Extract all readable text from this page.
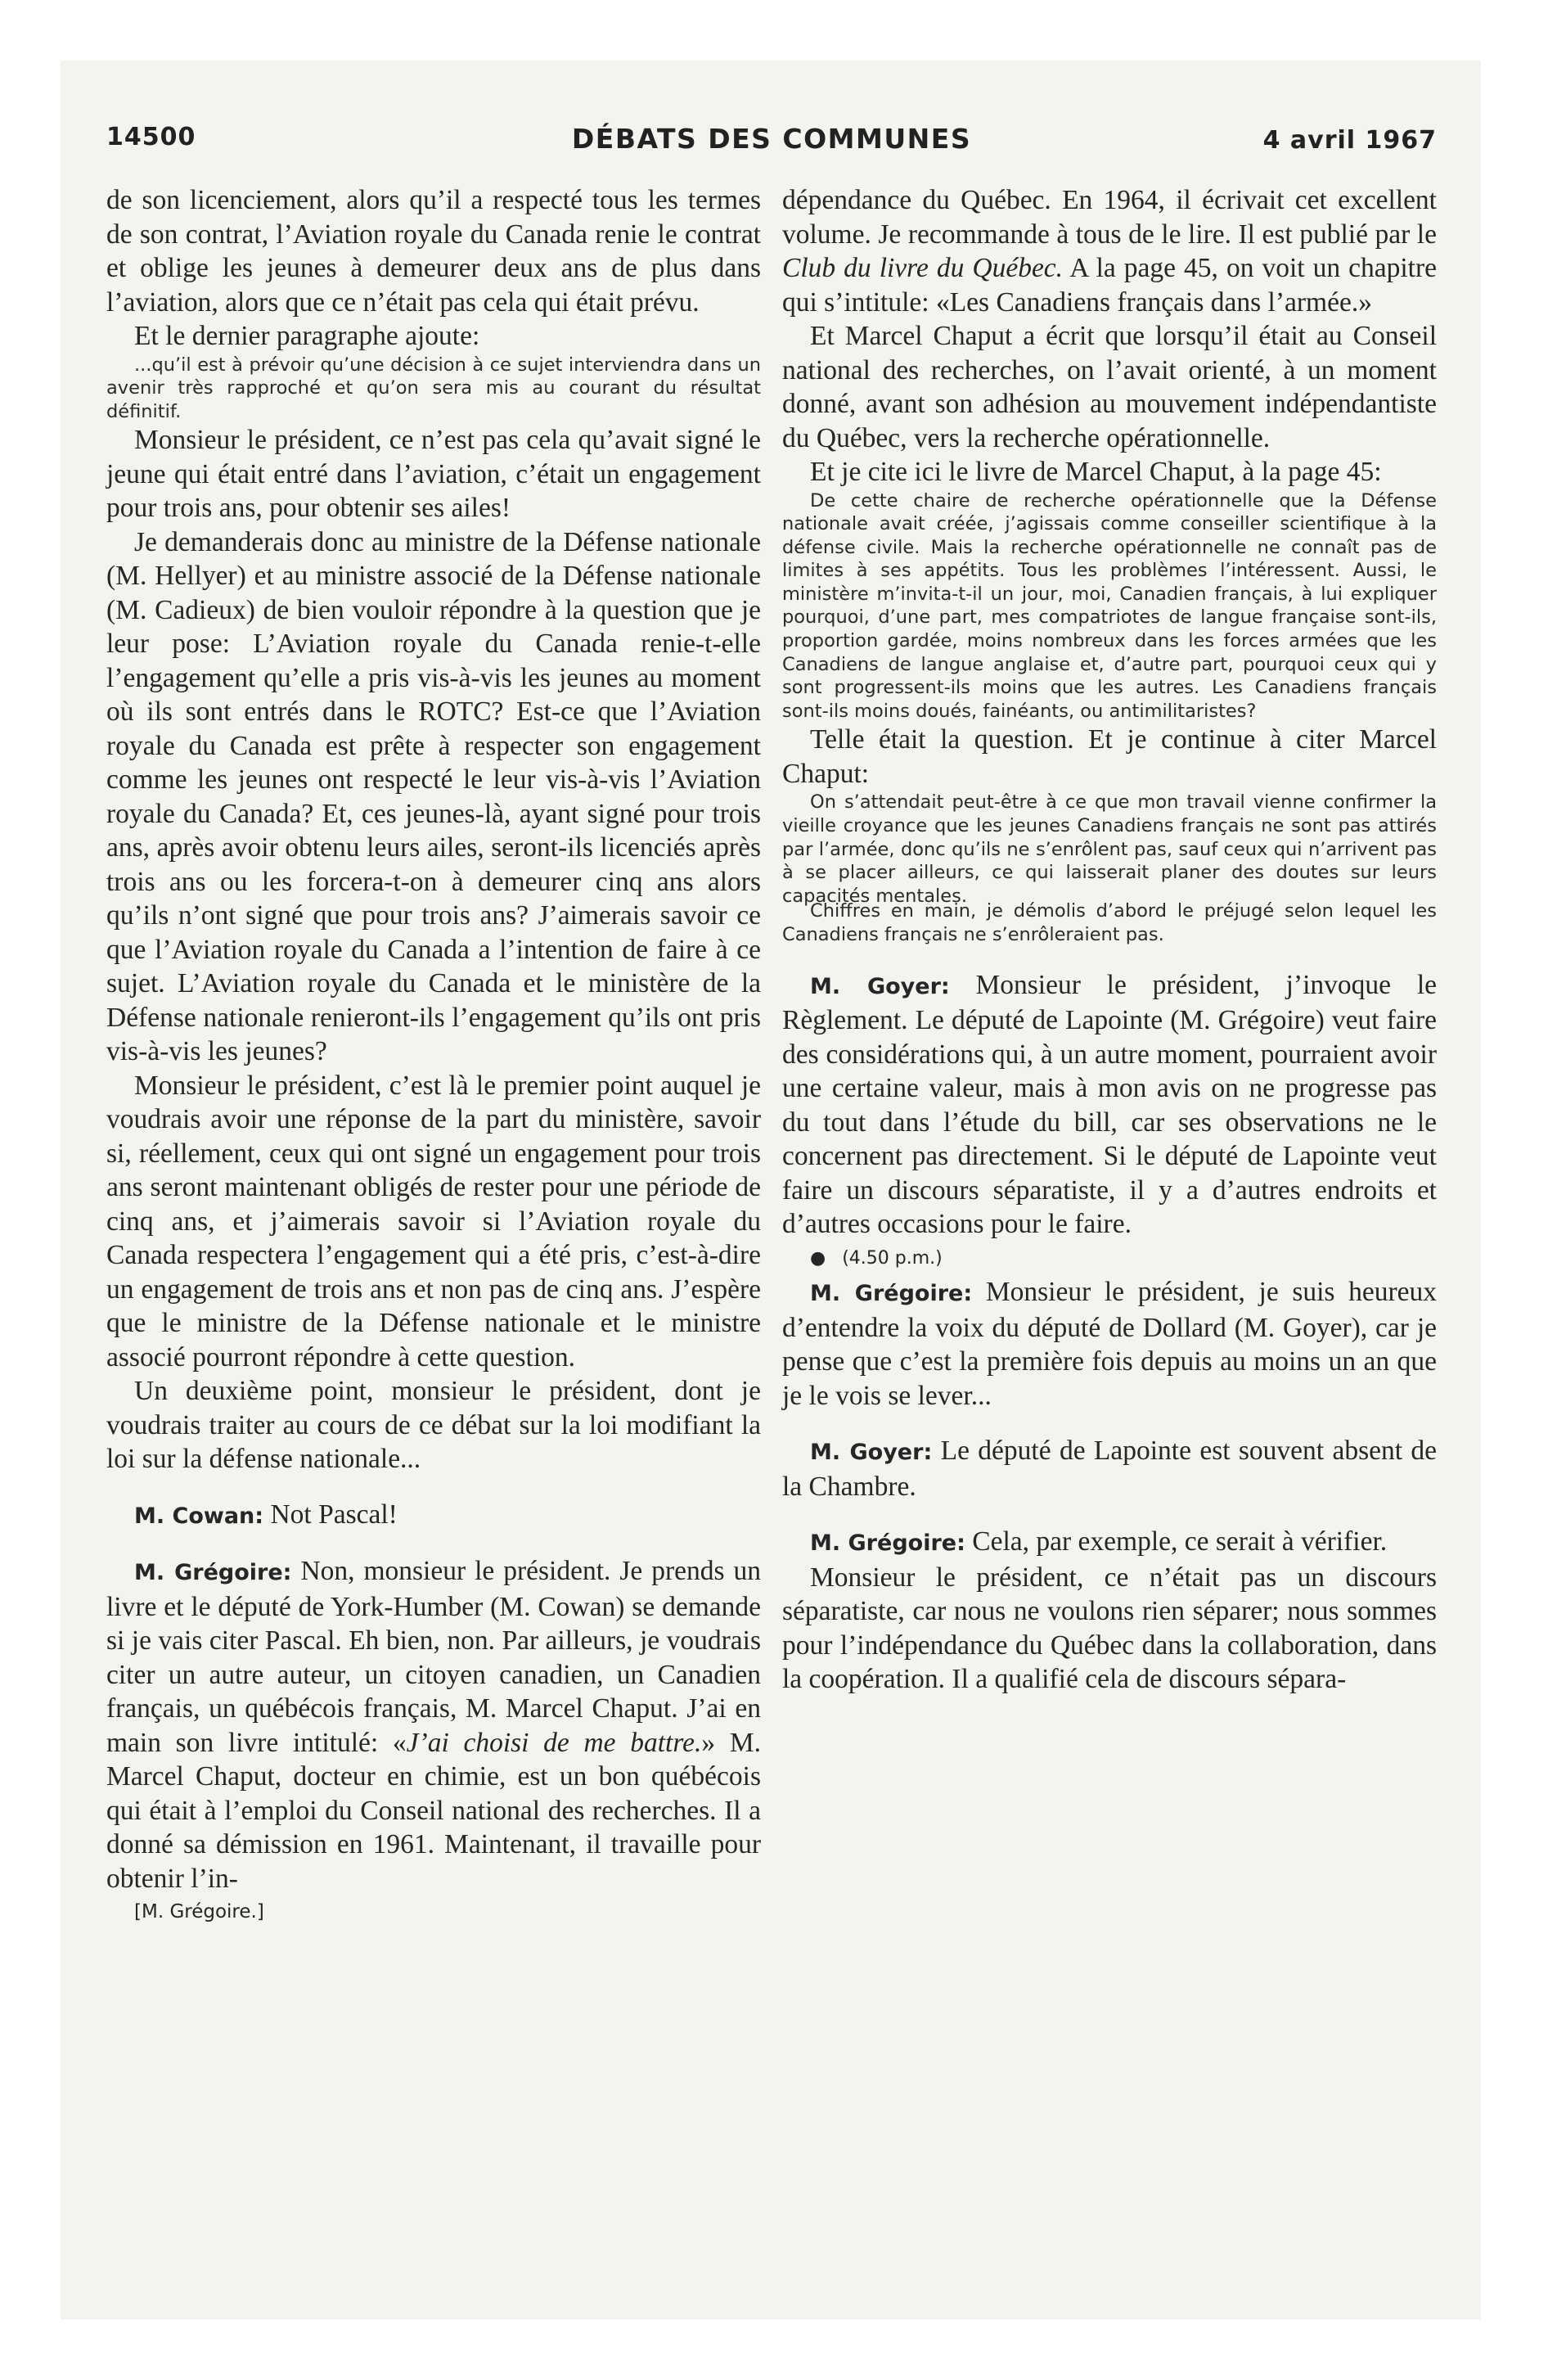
14500	DÉBATS DES COMMUNES	4 avril 1967

de son licenciement, alors qu’il a respecté tous les termes de son contrat, l’Aviation royale du Canada renie le contrat et oblige les jeunes à demeurer deux ans de plus dans l’aviation, alors que ce n’était pas cela qui était prévu.

Et le dernier paragraphe ajoute:

...qu’il est à prévoir qu’une décision à ce sujet interviendra dans un avenir très rapproché et qu’on sera mis au courant du résultat définitif.

Monsieur le président, ce n’est pas cela qu’avait signé le jeune qui était entré dans l’aviation, c’était un engagement pour trois ans, pour obtenir ses ailes!

Je demanderais donc au ministre de la Défense nationale (M. Hellyer) et au ministre associé de la Défense nationale (M. Cadieux) de bien vouloir répondre à la question que je leur pose: L’Aviation royale du Canada renie-t-elle l’engagement qu’elle a pris vis-à-vis les jeunes au moment où ils sont entrés dans le ROTC? Est-ce que l’Aviation royale du Canada est prête à respecter son engagement comme les jeunes ont respecté le leur vis-à-vis l’Aviation royale du Canada? Et, ces jeunes-là, ayant signé pour trois ans, après avoir obtenu leurs ailes, seront-ils licenciés après trois ans ou les forcera-t-on à demeurer cinq ans alors qu’ils n’ont signé que pour trois ans? J’aimerais savoir ce que l’Aviation royale du Canada a l’intention de faire à ce sujet. L’Aviation royale du Canada et le ministère de la Défense nationale renieront-ils l’engagement qu’ils ont pris vis-à-vis les jeunes?

Monsieur le président, c’est là le premier point auquel je voudrais avoir une réponse de la part du ministère, savoir si, réellement, ceux qui ont signé un engagement pour trois ans seront maintenant obligés de rester pour une période de cinq ans, et j’aimerais savoir si l’Aviation royale du Canada respectera l’engagement qui a été pris, c’est-à-dire un engagement de trois ans et non pas de cinq ans. J’espère que le ministre de la Défense nationale et le ministre associé pourront répondre à cette question.

Un deuxième point, monsieur le président, dont je voudrais traiter au cours de ce débat sur la loi modifiant la loi sur la défense nationale...

M. Cowan: Not Pascal!

M. Grégoire: Non, monsieur le président. Je prends un livre et le député de York-Humber (M. Cowan) se demande si je vais citer Pascal. Eh bien, non. Par ailleurs, je voudrais citer un autre auteur, un citoyen canadien, un Canadien français, un québécois français, M. Marcel Chaput. J’ai en main son livre intitulé: «J’ai choisi de me battre.» M. Marcel Chaput, docteur en chimie, est un bon québécois qui était à l’emploi du Conseil national des recherches. Il a donné sa démission en 1961. Maintenant, il travaille pour obtenir l’in-

[M. Grégoire.]

dépendance du Québec. En 1964, il écrivait cet excellent volume. Je recommande à tous de le lire. Il est publié par le Club du livre du Québec. A la page 45, on voit un chapitre qui s’intitule: «Les Canadiens français dans l’armée.»

Et Marcel Chaput a écrit que lorsqu’il était au Conseil national des recherches, on l’avait orienté, à un moment donné, avant son adhésion au mouvement indépendantiste du Québec, vers la recherche opérationnelle.

Et je cite ici le livre de Marcel Chaput, à la page 45:

De cette chaire de recherche opérationnelle que la Défense nationale avait créée, j’agissais comme conseiller scientifique à la défense civile. Mais la recherche opérationnelle ne connaît pas de limites à ses appétits. Tous les problèmes l’intéressent. Aussi, le ministère m’invita-t-il un jour, moi, Canadien français, à lui expliquer pourquoi, d’une part, mes compatriotes de langue française sont-ils, proportion gardée, moins nombreux dans les forces armées que les Canadiens de langue anglaise et, d’autre part, pourquoi ceux qui y sont progressent-ils moins que les autres. Les Canadiens français sont-ils moins doués, fainéants, ou antimilitaristes?

Telle était la question. Et je continue à citer Marcel Chaput:

On s’attendait peut-être à ce que mon travail vienne confirmer la vieille croyance que les jeunes Canadiens français ne sont pas attirés par l’armée, donc qu’ils ne s’enrôlent pas, sauf ceux qui n’arrivent pas à se placer ailleurs, ce qui laisserait planer des doutes sur leurs capacités mentales.

Chiffres en main, je démolis d’abord le préjugé selon lequel les Canadiens français ne s’enrôleraient pas.

M. Goyer: Monsieur le président, j’invoque le Règlement. Le député de Lapointe (M. Grégoire) veut faire des considérations qui, à un autre moment, pourraient avoir une certaine valeur, mais à mon avis on ne progresse pas du tout dans l’étude du bill, car ses observations ne le concernent pas directement. Si le député de Lapointe veut faire un discours séparatiste, il y a d’autres endroits et d’autres occasions pour le faire.

● (4.50 p.m.)

M. Grégoire: Monsieur le président, je suis heureux d’entendre la voix du député de Dollard (M. Goyer), car je pense que c’est la première fois depuis au moins un an que je le vois se lever...

M. Goyer: Le député de Lapointe est souvent absent de la Chambre.

M. Grégoire: Cela, par exemple, ce serait à vérifier.

Monsieur le président, ce n’était pas un discours séparatiste, car nous ne voulons rien séparer; nous sommes pour l’indépendance du Québec dans la collaboration, dans la coopération. Il a qualifié cela de discours sépara-
